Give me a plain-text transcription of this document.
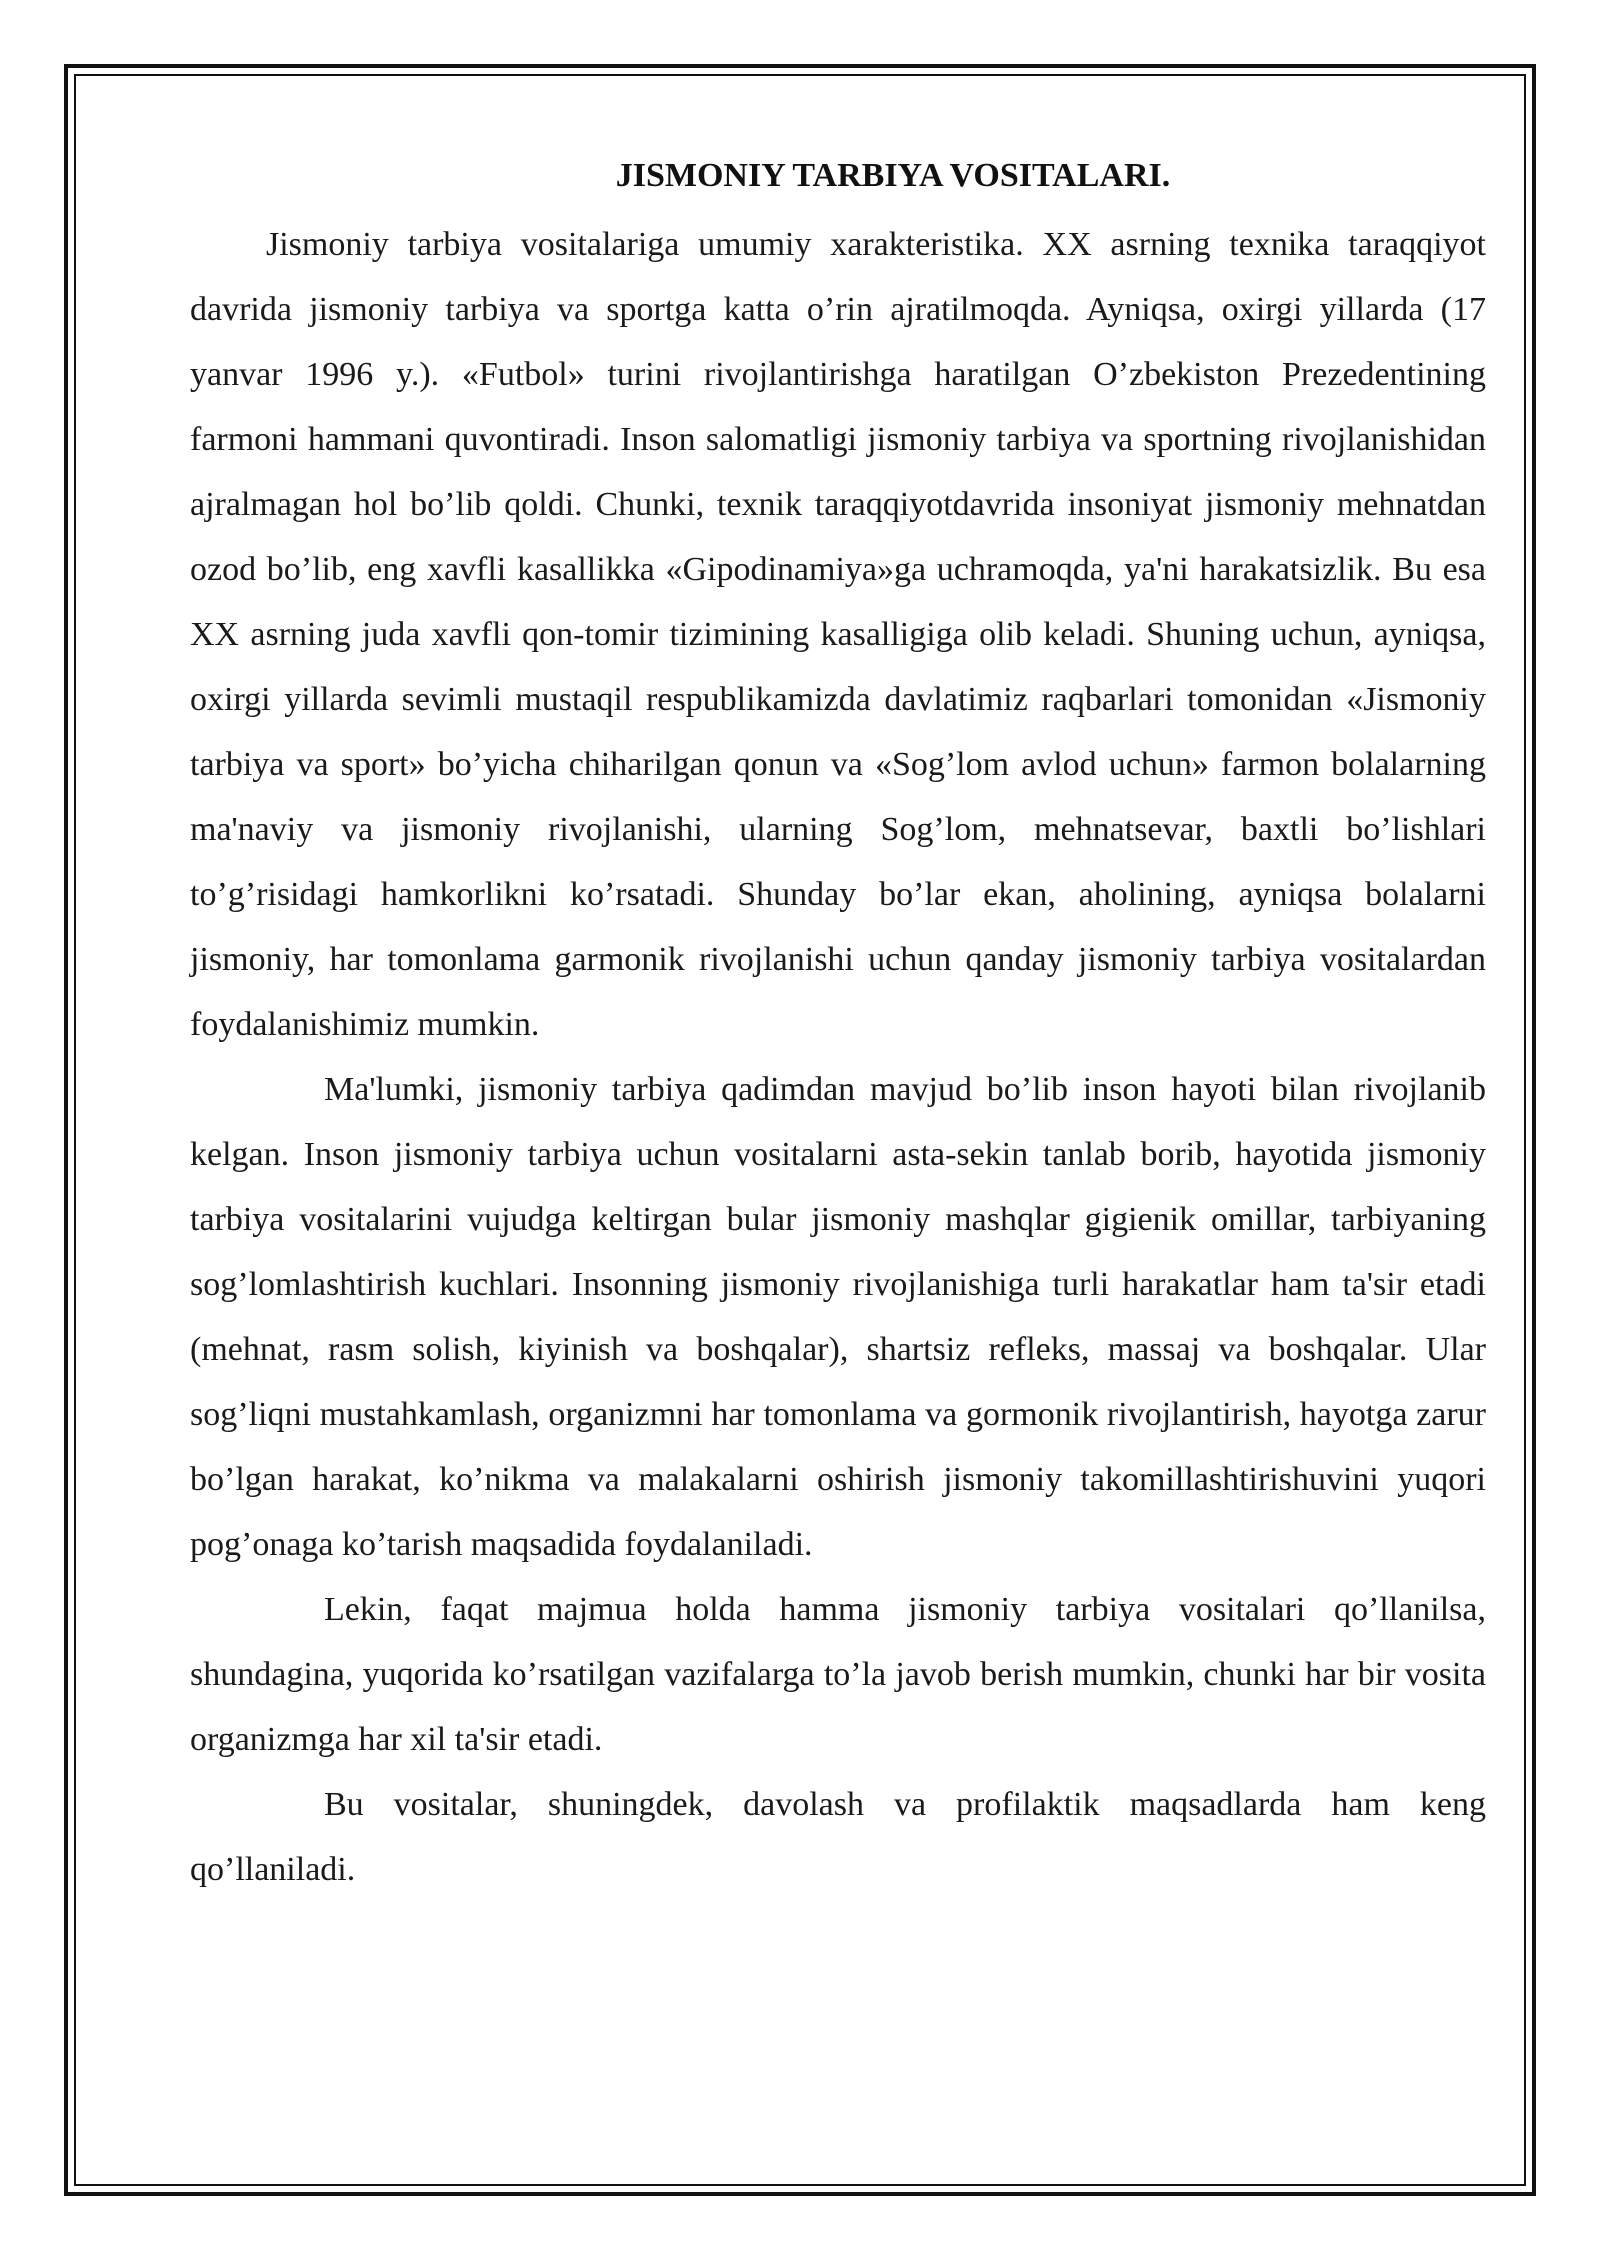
JISMONIY TARBIYA VOSITALARI.

Jismoniy tarbiya vositalariga umumiy xarakteristika. XX asrning texnika taraqqiyot davrida jismoniy tarbiya va sportga katta o’rin ajratilmoqda. Ayniqsa, oxirgi yillarda (17 yanvar 1996 y.). «Futbol» turini rivojlantirishga haratilgan O’zbekiston Prezedentining farmoni hammani quvontiradi. Inson salomatligi jismoniy tarbiya va sportning rivojlanishidan ajralmagan hol bo’lib qoldi. Chunki, texnik taraqqiyotdavrida insoniyat jismoniy mehnatdan ozod bo’lib, eng xavfli kasallikka «Gipodinamiya»ga uchramoqda, ya'ni harakatsizlik. Bu esa XX asrning juda xavfli qon-tomir tizimining kasalligiga olib keladi. Shuning uchun, ayniqsa, oxirgi yillarda sevimli mustaqil respublikamizda davlatimiz raqbarlari tomonidan «Jismoniy tarbiya va sport» bo’yicha chiharilgan qonun va «Sog’lom avlod uchun» farmon bolalarning ma'naviy va jismoniy rivojlanishi, ularning Sog’lom, mehnatsevar, baxtli bo’lishlari to’g’risidagi hamkorlikni ko’rsatadi. Shunday bo’lar ekan, aholining, ayniqsa bolalarni jismoniy, har tomonlama garmonik rivojlanishi uchun qanday jismoniy tarbiya vositalardan foydalanishimiz mumkin.

Ma'lumki, jismoniy tarbiya qadimdan mavjud bo’lib inson hayoti bilan rivojlanib kelgan. Inson jismoniy tarbiya uchun vositalarni asta-sekin tanlab borib, hayotida jismoniy tarbiya vositalarini vujudga keltirgan bular jismoniy mashqlar gigienik omillar, tarbiyaning sog’lomlashtirish kuchlari. Insonning jismoniy rivojlanishiga turli harakatlar ham ta'sir etadi (mehnat, rasm solish, kiyinish va boshqalar), shartsiz refleks, massaj va boshqalar. Ular sog’liqni mustahkamlash, organizmni har tomonlama va gormonik rivojlantirish, hayotga zarur bo’lgan harakat, ko’nikma va malakalarni oshirish jismoniy takomillashtirishuvini yuqori pog’onaga ko’tarish maqsadida foydalaniladi.

Lekin, faqat majmua holda hamma jismoniy tarbiya vositalari qo’llanilsa, shundagina, yuqorida ko’rsatilgan vazifalarga to’la javob berish mumkin, chunki har bir vosita organizmga har xil ta'sir etadi.

Bu vositalar, shuningdek, davolash va profilaktik maqsadlarda ham keng qo’llaniladi.
